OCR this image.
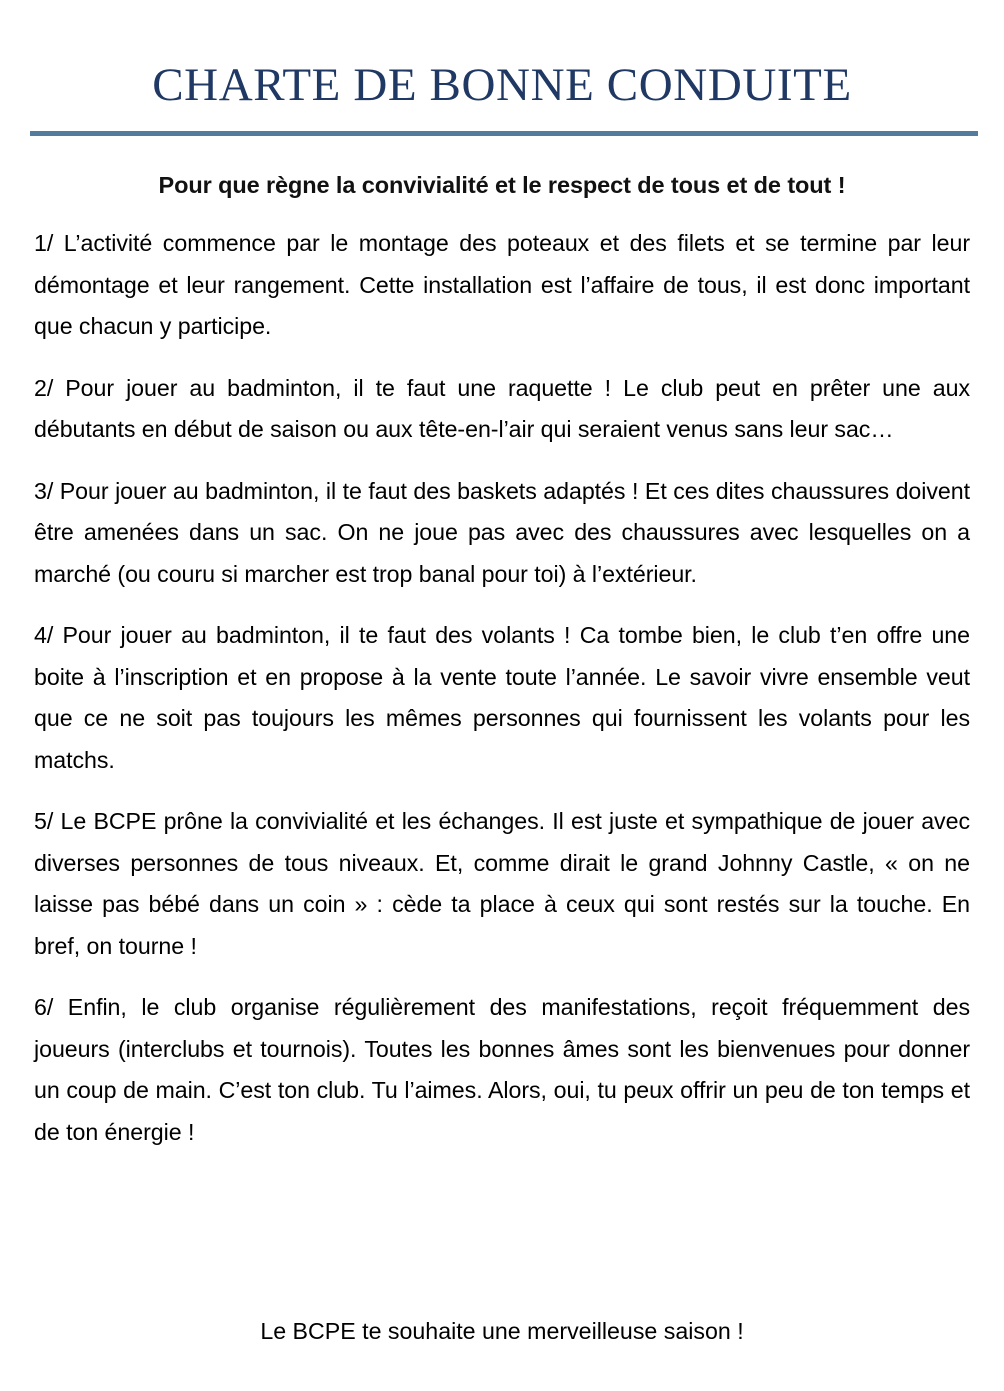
CHARTE DE BONNE CONDUITE

Pour que règne la convivialité et le respect de tous et de tout !

1/ L’activité commence par le montage des poteaux et des filets et se termine par leur démontage et leur rangement. Cette installation est l’affaire de tous, il est donc important que chacun y participe.

2/ Pour jouer au badminton, il te faut une raquette ! Le club peut en prêter une aux débutants en début de saison ou aux tête-en-l’air qui seraient venus sans leur sac…

3/ Pour jouer au badminton, il te faut des baskets adaptés ! Et ces dites chaussures doivent être amenées dans un sac. On ne joue pas avec des chaussures avec lesquelles on a marché (ou couru si marcher est trop banal pour toi) à l’extérieur.

4/ Pour jouer au badminton, il te faut des volants ! Ca tombe bien, le club t’en offre une boite à l’inscription et en propose à la vente toute l’année. Le savoir vivre ensemble veut que ce ne soit pas toujours les mêmes personnes qui fournissent les volants pour les matchs.

5/ Le BCPE prône la convivialité et les échanges. Il est juste et sympathique de jouer avec diverses personnes de tous niveaux. Et, comme dirait le grand Johnny Castle, « on ne laisse pas bébé dans un coin » : cède ta place à ceux qui sont restés sur la touche. En bref, on tourne !

6/ Enfin, le club organise régulièrement des manifestations, reçoit fréquemment des joueurs (interclubs et tournois). Toutes les bonnes âmes sont les bienvenues pour donner un coup de main. C’est ton club. Tu l’aimes. Alors, oui, tu peux offrir un peu de ton temps et de ton énergie !

Le BCPE te souhaite une merveilleuse saison !
